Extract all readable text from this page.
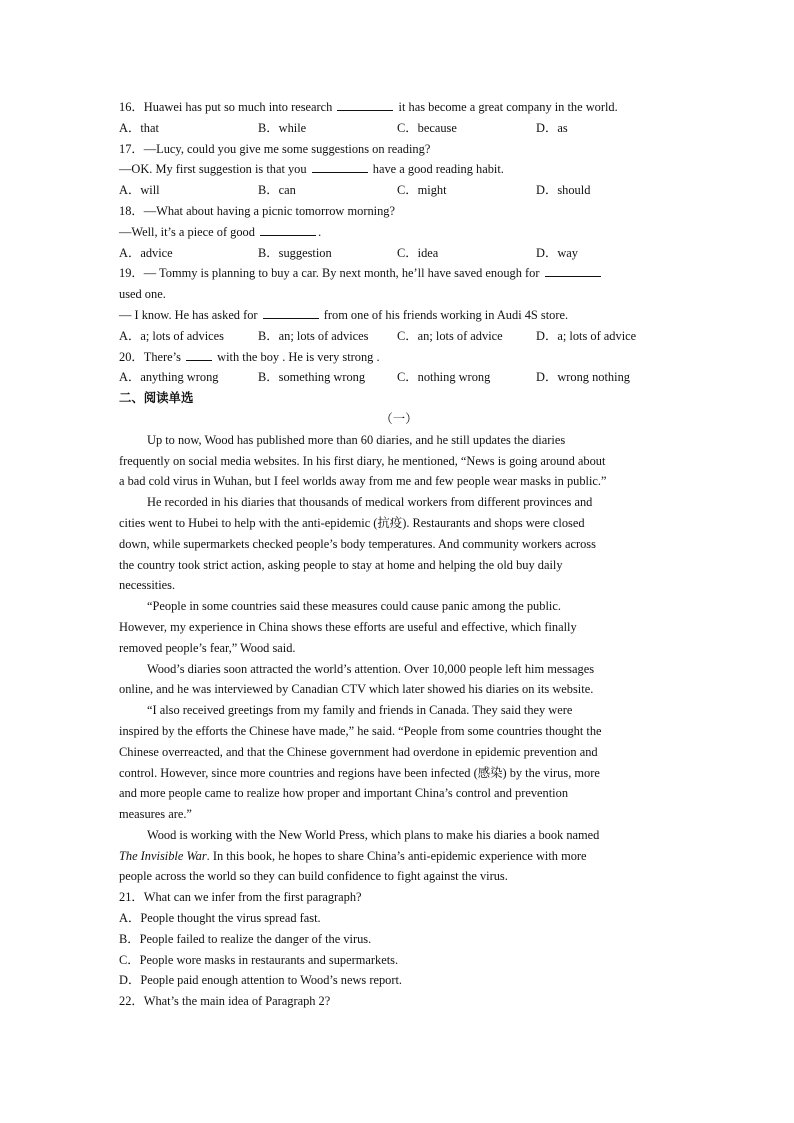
16．Huawei has put so much into research	it has become a great company in the world.
A．that	B．while	C．because	D．as
17．—Lucy, could you give me some suggestions on reading?
—OK. My first suggestion is that you	have a good reading habit.
A．will	B．can	C．might	D．should
18．—What about having a picnic tomorrow morning?
—Well, it’s a piece of good	.
A．advice	B．suggestion	C．idea	D．way
19．— Tommy is planning to buy a car. By next month, he’ll have saved enough for
used one.
— I know. He has asked for	from one of his friends working in Audi 4S store.
A．a; lots of advices	B．an; lots of advices	C．an; lots of advice	D．a; lots of advice
20．There’s  with the boy . He is very strong .
A．anything wrong	B．something wrong	C．nothing wrong	D．wrong nothing
二、阅读单选
（一）
Up to now, Wood has published more than 60 diaries, and he still updates the diaries
frequently on social media websites. In his first diary, he mentioned, “News is going around about
a bad cold virus in Wuhan, but I feel worlds away from me and few people wear masks in public.”
He recorded in his diaries that thousands of medical workers from different provinces and
cities went to Hubei to help with the anti-epidemic (抗疫). Restaurants and shops were closed
down, while supermarkets checked people’s body temperatures. And community workers across
the country took strict action, asking people to stay at home and helping the old buy daily
necessities.
“People in some countries said these measures could cause panic among the public.
However, my experience in China shows these efforts are useful and effective, which finally
removed people’s fear,” Wood said.
Wood’s diaries soon attracted the world’s attention. Over 10,000 people left him messages
online, and he was interviewed by Canadian CTV which later showed his diaries on its website.
“I also received greetings from my family and friends in Canada. They said they were
inspired by the efforts the Chinese have made,” he said. “People from some countries thought the
Chinese overreacted, and that the Chinese government had overdone in epidemic prevention and
control. However, since more countries and regions have been infected (感染) by the virus, more
and more people came to realize how proper and important China’s control and prevention
measures are.”
Wood is working with the New World Press, which plans to make his diaries a book named
The Invisible War. In this book, he hopes to share China’s anti-epidemic experience with more
people across the world so they can build confidence to fight against the virus.
21．What can we infer from the first paragraph?
A．People thought the virus spread fast.
B．People failed to realize the danger of the virus.
C．People wore masks in restaurants and supermarkets.
D．People paid enough attention to Wood’s news report.
22．What’s the main idea of Paragraph 2?
